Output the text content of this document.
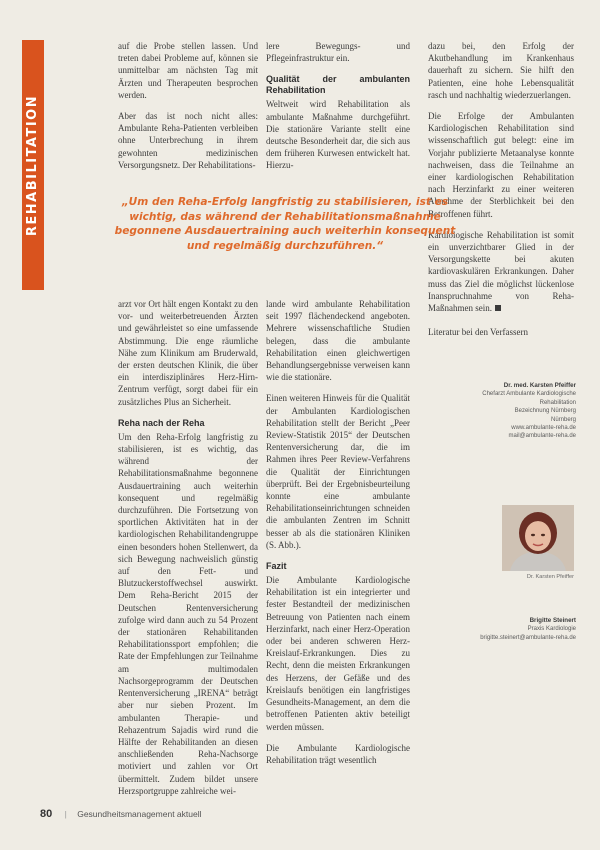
REHABILITATION

auf die Probe stellen lassen. Und treten dabei Probleme auf, können sie unmittelbar am nächsten Tag mit Ärzten und Therapeuten besprochen werden.

Aber das ist noch nicht alles: Ambulante Reha-Patienten verbleiben ohne Unterbrechung in ihrem gewohnten medizinischen Versorgungsnetz. Der Rehabilitations-

lere Bewegungs- und Pflegeinfrastruktur ein.

Qualität der ambulanten Rehabilitation

Weltweit wird Rehabilitation als ambulante Maßnahme durchgeführt. Die stationäre Variante stellt eine deutsche Besonderheit dar, die sich aus dem früheren Kurwesen entwickelt hat. Hierzu-

dazu bei, den Erfolg der Akutbehandlung im Krankenhaus dauerhaft zu sichern. Sie hilft den Patienten, eine hohe Lebensqualität rasch und nachhaltig wiederzuerlangen.

Die Erfolge der Ambulanten Kardiologischen Rehabilitation sind wissenschaftlich gut belegt: eine im Vorjahr publizierte Metaanalyse konnte nachweisen, dass die Teilnahme an einer kardiologischen Rehabilitation nach Herzinfarkt zu einer weiteren Abnahme der Sterblichkeit bei den Betroffenen führt.

Kardiologische Rehabilitation ist somit ein unverzichtbarer Glied in der Versorgungskette bei akuten kardiovaskulären Erkrankungen. Daher muss das Ziel die möglichst lückenlose Inanspruchnahme von Reha-Maßnahmen sein.

Literatur bei den Verfassern

„Um den Reha-Erfolg langfristig zu stabilisieren, ist es wichtig, das während der Rehabilitationsmaßnahme begonnene Ausdauertraining auch weiterhin konsequent und regelmäßig durchzuführen.“

arzt vor Ort hält engen Kontakt zu den vor- und weiterbetreuenden Ärzten und gewährleistet so eine umfassende Abstimmung. Die enge räumliche Nähe zum Klinikum am Bruderwald, der ersten deutschen Klinik, die über ein interdisziplinäres Herz-Hirn-Zentrum verfügt, sorgt dabei für ein zusätzliches Plus an Sicherheit.

Reha nach der Reha

Um den Reha-Erfolg langfristig zu stabilisieren, ist es wichtig, das während der Rehabilitationsmaßnahme begonnene Ausdauertraining auch weiterhin konsequent und regelmäßig durchzuführen. Die Fortsetzung von sportlichen Aktivitäten hat in der kardiologischen Rehabilitandengruppe einen besonders hohen Stellenwert, da sich Bewegung nachweislich günstig auf den Fett- und Blutzuckerstoffwechsel auswirkt. Dem Reha-Bericht 2015 der Deutschen Rentenversicherung zufolge wird dann auch zu 54 Prozent der stationären Rehabilitanden Rehabilitationssport empfohlen; die Rate der Empfehlungen zur Teilnahme am multimodalen Nachsorgeprogramm der Deutschen Rentenversicherung „IRENA“ beträgt aber nur sieben Prozent. Im ambulanten Therapie- und Rehazentrum Sajadis wird rund die Hälfte der Rehabilitanden an diesen anschließenden Reha-Nachsorge motiviert und zahlen vor Ort übermittelt. Zudem bildet unsere Herzsportgruppe zahlreiche wei-

lande wird ambulante Rehabilitation seit 1997 flächendeckend angeboten. Mehrere wissenschaftliche Studien belegen, dass die ambulante Rehabilitation einen gleichwertigen Behandlungsergebnisse verweisen kann wie die stationäre.

Einen weiteren Hinweis für die Qualität der Ambulanten Kardiologischen Rehabilitation stellt der Bericht „Peer Review-Statistik 2015“ der Deutschen Rentenversicherung dar, die im Rahmen ihres Peer Review-Verfahrens die Qualität der Einrichtungen überprüft. Bei der Ergebnisbeurteilung konnte eine ambulante Rehabilitationseinrichtungen schneiden die ambulanten Zentren im Schnitt besser ab als die stationären Kliniken (S. Abb.).

Fazit

Die Ambulante Kardiologische Rehabilitation ist ein integrierter und fester Bestandteil der medizinischen Betreuung von Patienten nach einem Herzinfarkt, nach einer Herz-Operation oder bei anderen schweren Herz-Kreislauf-Erkrankungen. Dies zu Recht, denn die meisten Erkrankungen des Herzens, der Gefäße und des Kreislaufs benötigen ein langfristiges Gesundheits-Management, an dem die betroffenen Patienten aktiv beteiligt werden müssen.

Die Ambulante Kardiologische Rehabilitation trägt wesentlich

Dr. med. Karsten Pfeiffer
Chefarzt Ambulante Kardiologische
Rehabilitation
Bezeichnung Nürnberg
Nürnberg
www.ambulante-reha.de
mail@ambulante-reha.de
Dr. Karsten Pfeiffer
Brigitte Steinert
Praxis Kardiologie
brigitte.steinert@ambulante-reha.de
80 | Gesundheitsmanagement aktuell
